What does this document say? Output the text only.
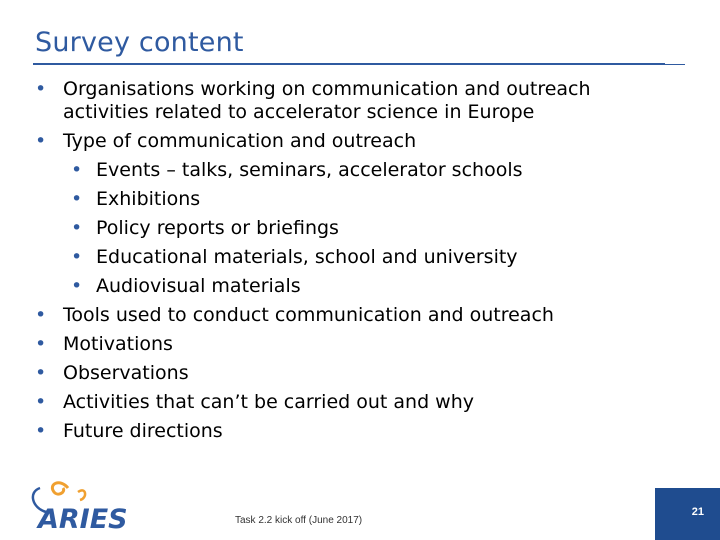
Survey content
• Organisations working on communication and outreach activities related to accelerator science in Europe
• Type of communication and outreach
• Events – talks, seminars, accelerator schools
• Exhibitions
• Policy reports or briefings
• Educational materials, school and university
• Audiovisual materials
• Tools used to conduct communication and outreach
• Motivations
• Observations
• Activities that can’t be carried out and why
• Future directions
ARIES	Task 2.2 kick off (June 2017)
21
